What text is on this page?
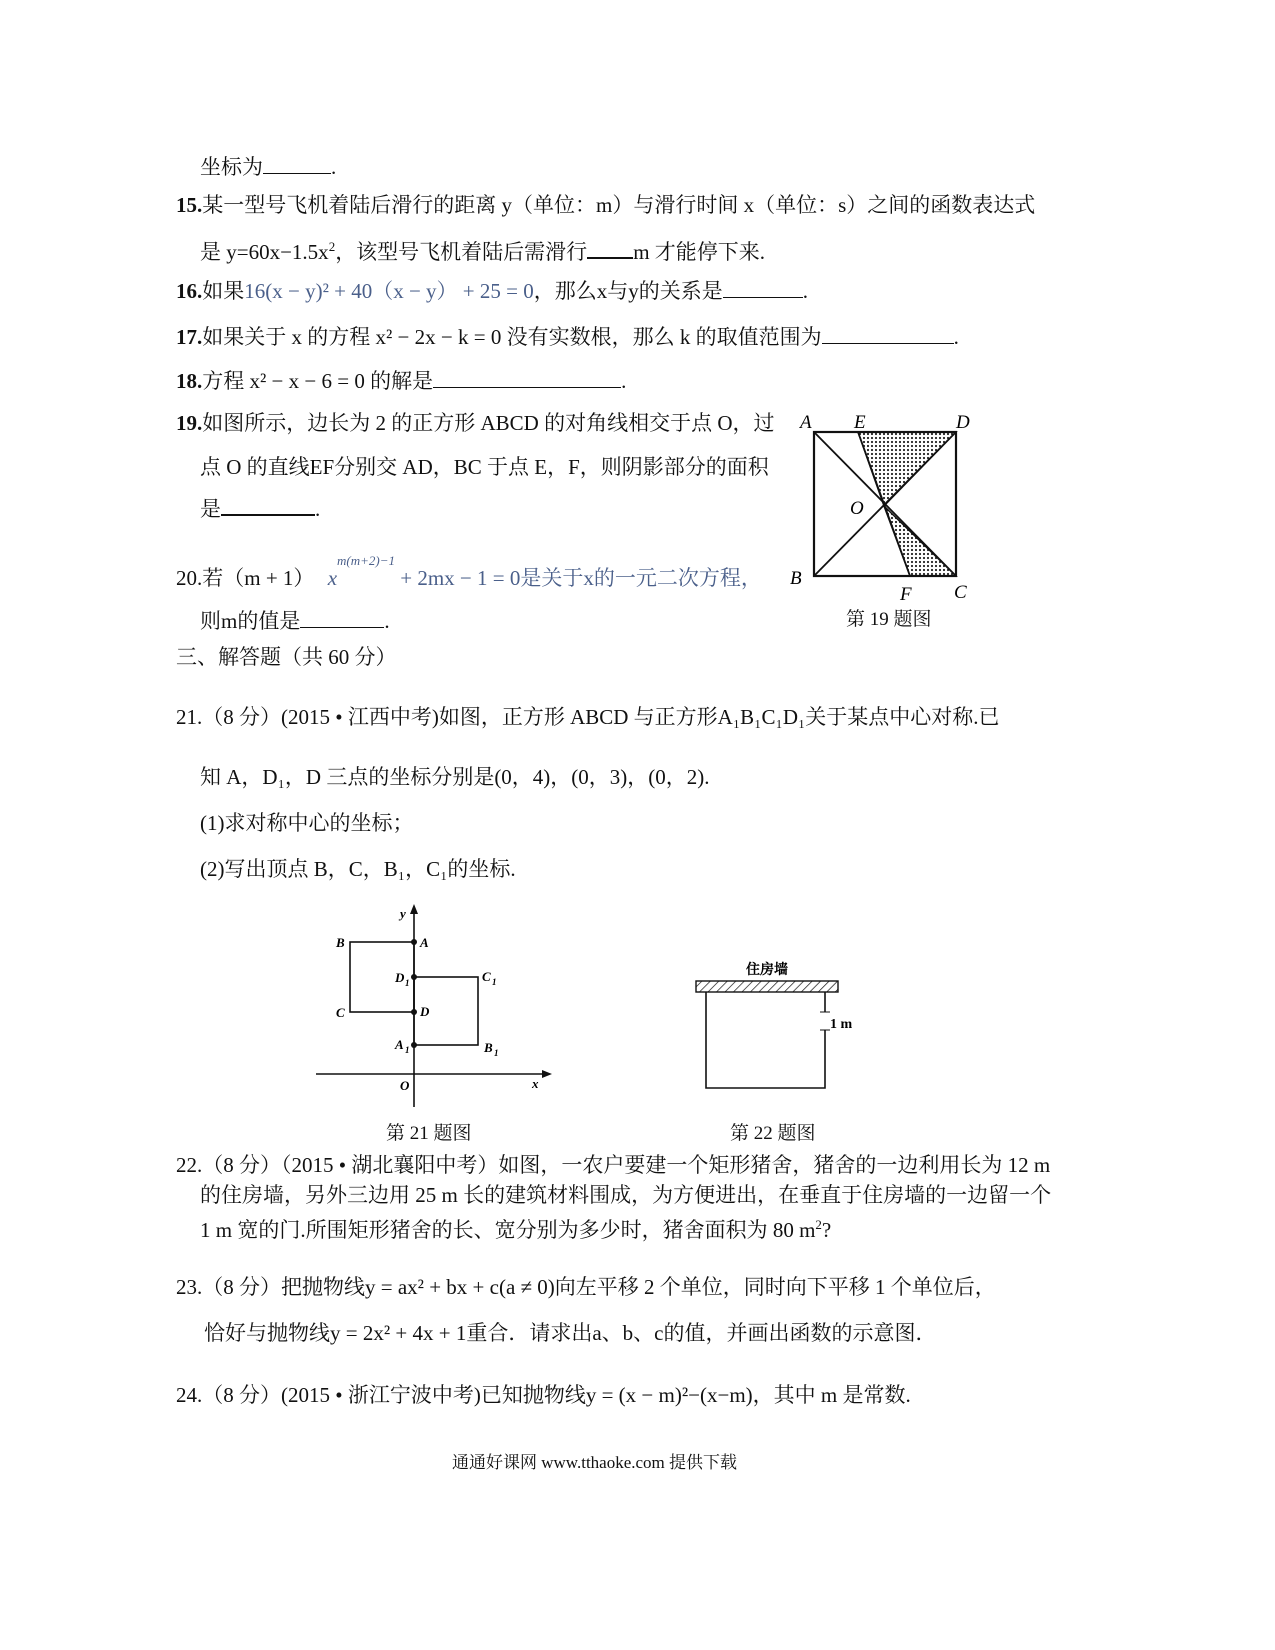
坐标为	.
15.某一型号飞机着陆后滑行的距离 y（单位：m）与滑行时间 x（单位：s）之间的函数表达式
是 $y=60x-1.5x^2$，该型号飞机着陆后需滑行 m 才能停下来.
16.如果16(x − y)² + 40（x − y） + 25 = 0，那么x与y的关系是	.
17.如果关于 x 的方程 x² − 2x − k = 0 没有实数根，那么 k 的取值范围为	.
18.方程 x² − x − 6 = 0 的解是	.
19.如图所示，边长为 2 的正方形 ABCD 的对角线相交于点 O，过
点 O 的直线EF分别交 AD，BC 于点 E，F，则阴影部分的面积
是	.
20.若（m + 1） $x^{m(m+2)-1} + 2mx - 1 = 0$是关于x的一元二次方程，
则m的值是	.
A E	D
O
B
F C
第 19 题图
三、解答题（共 60 分）
21.（8 分）(2015 • 江西中考)如图，正方形 ABCD 与正方形A₁B₁C₁D₁关于某点中心对称.已
知 A，D₁，D 三点的坐标分别是(0，4)，(0，3)，(0，2).
(1)求对称中心的坐标；
(2)写出顶点 B，C，B₁，C₁的坐标.
y
x
O
A
B
C	D
D 1	C 1
A 1	B 1
第 21 题图
住房墙
1 m
第 22 题图
22.（8 分）（2015 • 湖北襄阳中考）如图，一农户要建一个矩形猪舍，猪舍的一边利用长为 12 m
的住房墙，另外三边用 25 m 长的建筑材料围成，为方便进出，在垂直于住房墙的一边留一个
1 m 宽的门.所围矩形猪舍的长、宽分别为多少时，猪舍面积为 80 $m^2$?
23.（8 分）把抛物线y = ax² + bx + c(a ≠ 0)向左平移 2 个单位，同时向下平移 1 个单位后，
恰好与抛物线y = 2x² + 4x + 1重合．请求出a、b、c的值，并画出函数的示意图．
24.（8 分）(2015 • 浙江宁波中考)已知抛物线y = (x − m)²−(x−m)，其中 m 是常数.
通通好课网 www.tthaoke.com 提供下载
